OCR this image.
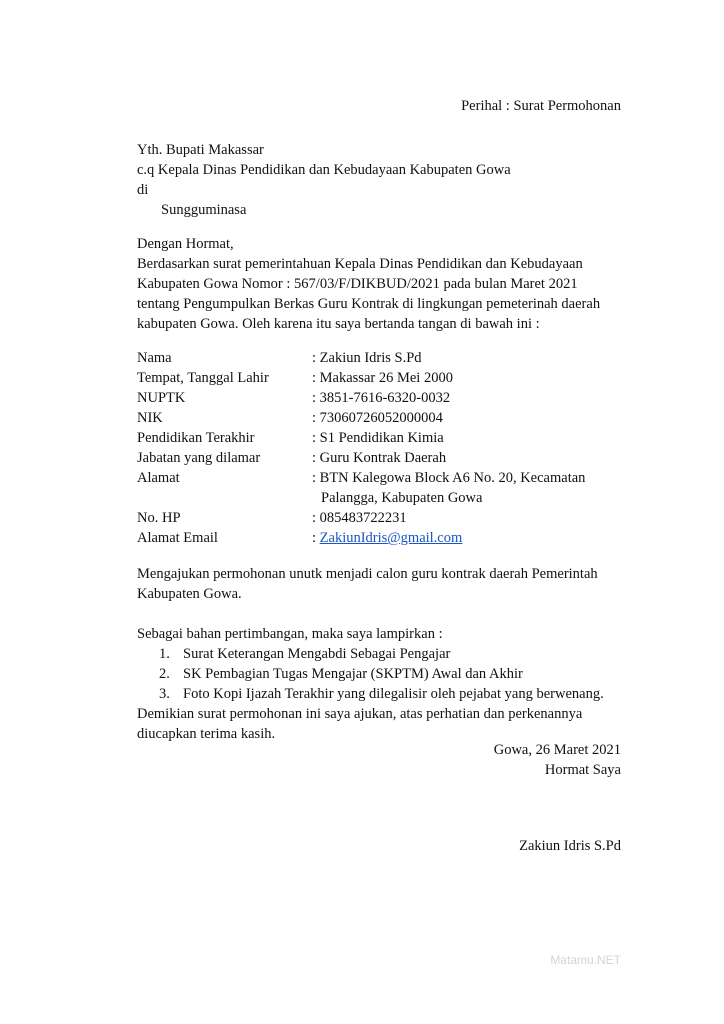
Perihal : Surat Permohonan
Yth. Bupati Makassar
c.q Kepala Dinas Pendidikan dan Kebudayaan Kabupaten Gowa
di
Sungguminasa
Dengan Hormat,
Berdasarkan surat pemerintahuan Kepala Dinas Pendidikan dan Kebudayaan
Kabupaten Gowa Nomor : 567/03/F/DIKBUD/2021 pada bulan Maret 2021
tentang Pengumpulkan Berkas Guru Kontrak di lingkungan pemeterinah daerah
kabupaten Gowa. Oleh karena itu saya bertanda tangan di bawah ini :
Nama	: Zakiun Idris S.Pd
Tempat, Tanggal Lahir	: Makassar 26 Mei 2000
NUPTK	: 3851-7616-6320-0032
NIK	: 73060726052000004
Pendidikan Terakhir	: S1 Pendidikan Kimia
Jabatan yang dilamar	: Guru Kontrak Daerah
Alamat	: BTN Kalegowa Block A6 No. 20, Kecamatan
Palangga, Kabupaten Gowa
No. HP	: 085483722231
Alamat Email	: ZakiunIdris@gmail.com
Mengajukan permohonan unutk menjadi calon guru kontrak daerah Pemerintah
Kabupaten Gowa.
Sebagai bahan pertimbangan, maka saya lampirkan :
1. Surat Keterangan Mengabdi Sebagai Pengajar
2. SK Pembagian Tugas Mengajar (SKPTM) Awal dan Akhir
3. Foto Kopi Ijazah Terakhir yang dilegalisir oleh pejabat yang berwenang.
Demikian surat permohonan ini saya ajukan, atas perhatian dan perkenannya
diucapkan terima kasih.
Gowa, 26 Maret 2021
Hormat Saya
Zakiun Idris S.Pd
Matamu.NET
